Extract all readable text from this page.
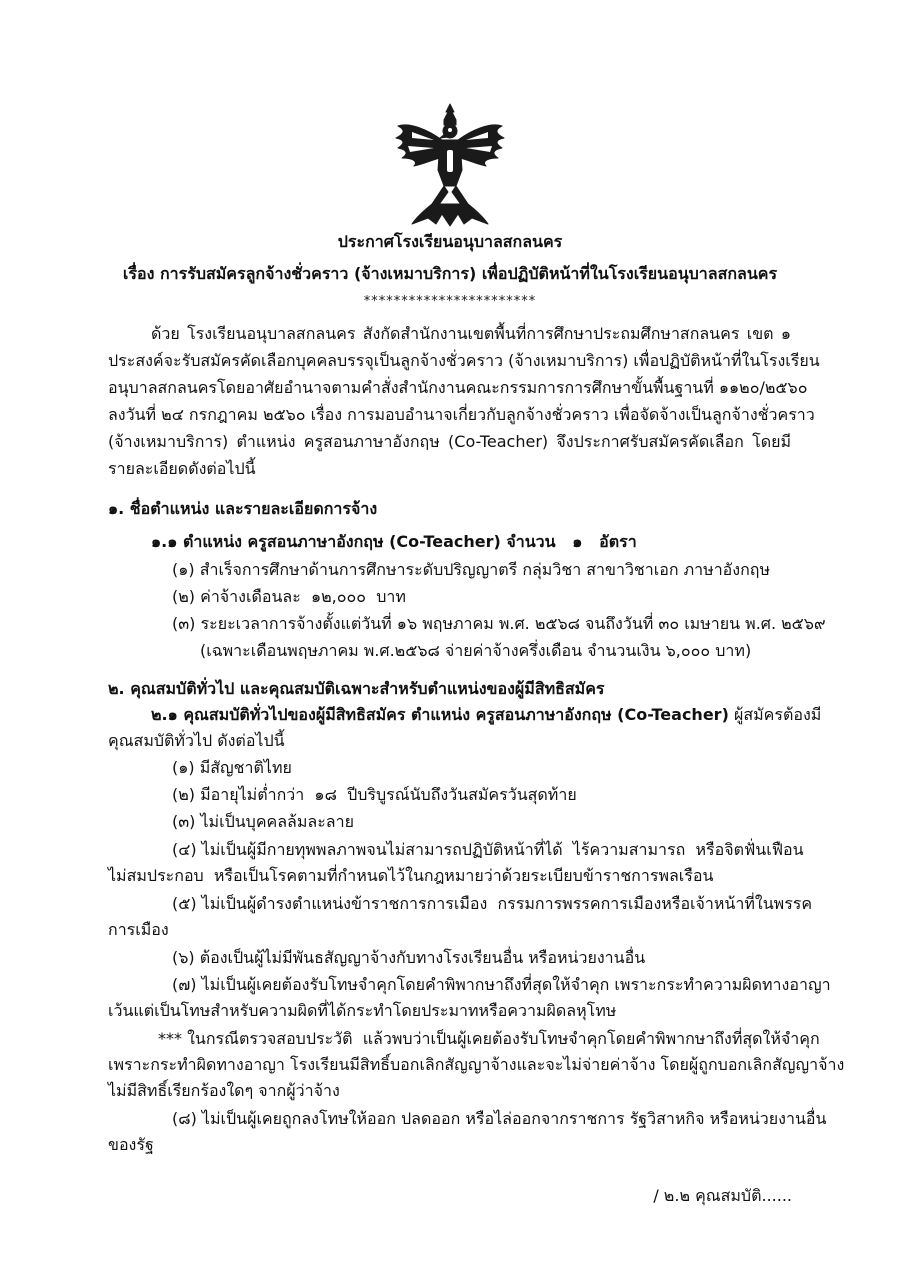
ประกาศโรงเรียนอนุบาลสกลนคร
เรื่อง การรับสมัครลูกจ้างชั่วคราว (จ้างเหมาบริการ) เพื่อปฏิบัติหน้าที่ในโรงเรียนอนุบาลสกลนคร
***********************
ด้วย โรงเรียนอนุบาลสกลนคร สังกัดสำนักงานเขตพื้นที่การศึกษาประถมศึกษาสกลนคร เขต ๑
ประสงค์จะรับสมัครคัดเลือกบุคคลบรรจุเป็นลูกจ้างชั่วคราว (จ้างเหมาบริการ) เพื่อปฏิบัติหน้าที่ในโรงเรียน
อนุบาลสกลนครโดยอาศัยอำนาจตามคำสั่งสำนักงานคณะกรรมการการศึกษาขั้นพื้นฐานที่ ๑๑๒๐/๒๕๖๐
ลงวันที่ ๒๔ กรกฎาคม ๒๕๖๐ เรื่อง การมอบอำนาจเกี่ยวกับลูกจ้างชั่วคราว เพื่อจัดจ้างเป็นลูกจ้างชั่วคราว
(จ้างเหมาบริการ) ตำแหน่ง ครูสอนภาษาอังกฤษ (Co-Teacher) จึงประกาศรับสมัครคัดเลือก โดยมี
รายละเอียดดังต่อไปนี้
๑. ชื่อตำแหน่ง และรายละเอียดการจ้าง
๑.๑ ตำแหน่ง ครูสอนภาษาอังกฤษ (Co-Teacher) จำนวน   ๑   อัตรา
(๑) สำเร็จการศึกษาด้านการศึกษาระดับปริญญาตรี กลุ่มวิชา สาขาวิชาเอก ภาษาอังกฤษ
(๒) ค่าจ้างเดือนละ  ๑๒,๐๐๐  บาท
(๓) ระยะเวลาการจ้างตั้งแต่วันที่ ๑๖ พฤษภาคม พ.ศ. ๒๕๖๘ จนถึงวันที่ ๓๐ เมษายน พ.ศ. ๒๕๖๙
(เฉพาะเดือนพฤษภาคม พ.ศ.๒๕๖๘ จ่ายค่าจ้างครึ่งเดือน จำนวนเงิน ๖,๐๐๐ บาท)
๒. คุณสมบัติทั่วไป และคุณสมบัติเฉพาะสำหรับตำแหน่งของผู้มีสิทธิสมัคร
๒.๑ คุณสมบัติทั่วไปของผู้มีสิทธิสมัคร ตำแหน่ง ครูสอนภาษาอังกฤษ (Co-Teacher) ผู้สมัครต้องมี
คุณสมบัติทั่วไป ดังต่อไปนี้
(๑) มีสัญชาติไทย
(๒) มีอายุไม่ต่ำกว่า  ๑๘  ปีบริบูรณ์นับถึงวันสมัครวันสุดท้าย
(๓) ไม่เป็นบุคคลล้มละลาย
(๔) ไม่เป็นผู้มีกายทุพพลภาพจนไม่สามารถปฏิบัติหน้าที่ได้  ไร้ความสามารถ  หรือจิตฟั่นเฟือน
ไม่สมประกอบ  หรือเป็นโรคตามที่กำหนดไว้ในกฎหมายว่าด้วยระเบียบข้าราชการพลเรือน
(๕) ไม่เป็นผู้ดำรงตำแหน่งข้าราชการการเมือง  กรรมการพรรคการเมืองหรือเจ้าหน้าที่ในพรรค
การเมือง
(๖) ต้องเป็นผู้ไม่มีพันธสัญญาจ้างกับทางโรงเรียนอื่น หรือหน่วยงานอื่น
(๗) ไม่เป็นผู้เคยต้องรับโทษจำคุกโดยคำพิพากษาถึงที่สุดให้จำคุก เพราะกระทำความผิดทางอาญา
เว้นแต่เป็นโทษสำหรับความผิดที่ได้กระทำโดยประมาทหรือความผิดลหุโทษ
*** ในกรณีตรวจสอบประวัติ  แล้วพบว่าเป็นผู้เคยต้องรับโทษจำคุกโดยคำพิพากษาถึงที่สุดให้จำคุก
เพราะกระทำผิดทางอาญา โรงเรียนมีสิทธิ์บอกเลิกสัญญาจ้างและจะไม่จ่ายค่าจ้าง โดยผู้ถูกบอกเลิกสัญญาจ้าง
ไม่มีสิทธิ์เรียกร้องใดๆ จากผู้ว่าจ้าง
(๘) ไม่เป็นผู้เคยถูกลงโทษให้ออก ปลดออก หรือไล่ออกจากราชการ รัฐวิสาหกิจ หรือหน่วยงานอื่น
ของรัฐ
/ ๒.๒ คุณสมบัติ......
